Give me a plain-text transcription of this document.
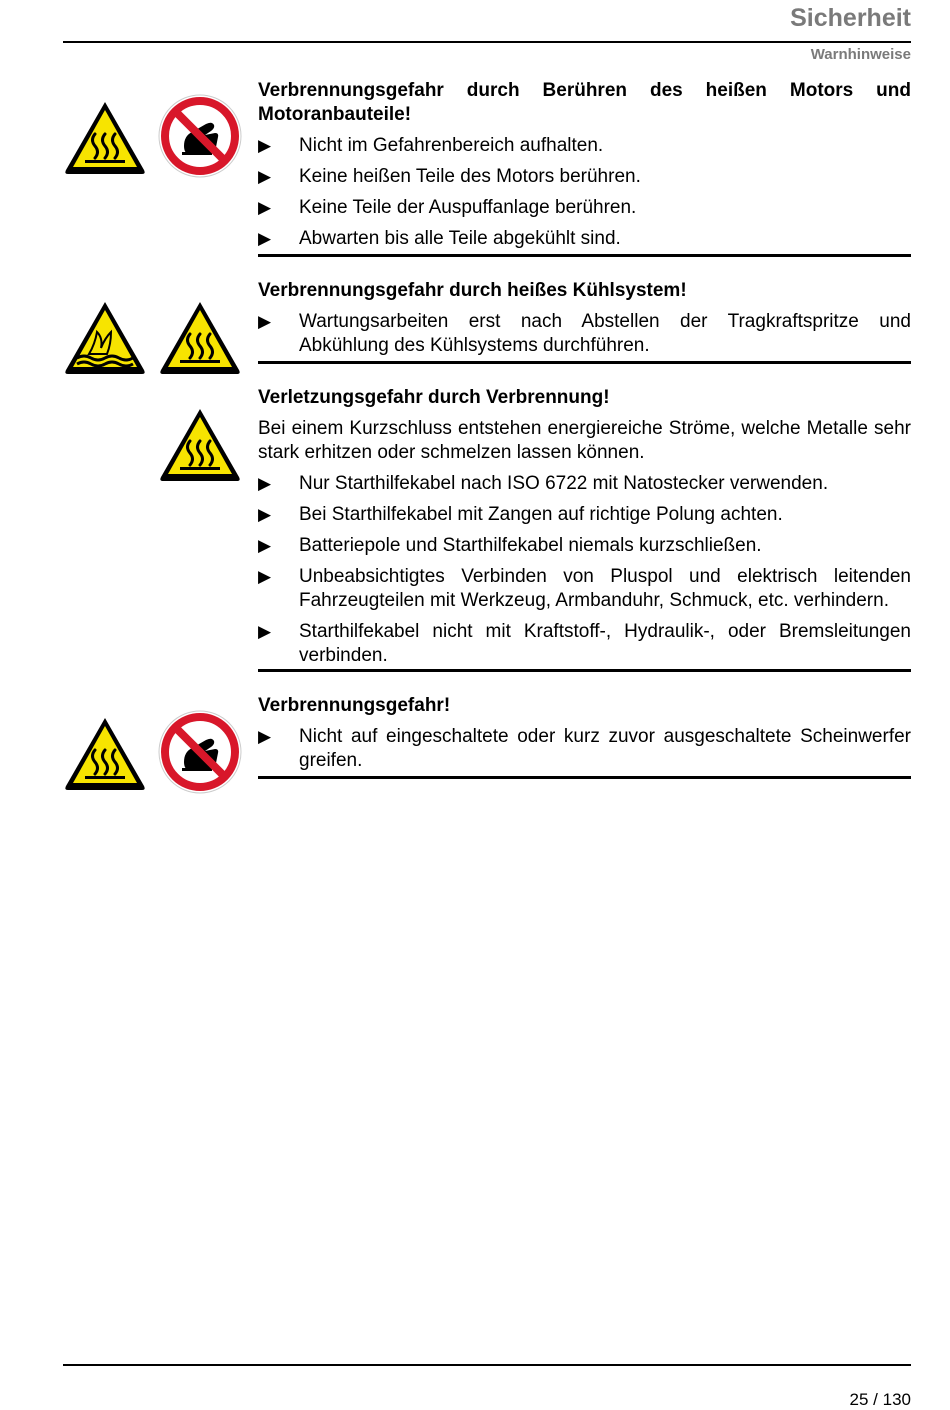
Sicherheit
Warnhinweise

Verbrennungsgefahr durch Berühren des heißen Motors und Motoranbauteile!

▶	Nicht im Gefahrenbereich aufhalten.
▶	Keine heißen Teile des Motors berühren.
▶	Keine Teile der Auspuffanlage berühren.
▶	Abwarten bis alle Teile abgekühlt sind.

Verbrennungsgefahr durch heißes Kühlsystem!

▶	Wartungsarbeiten erst nach Abstellen der Tragkraftspritze und Abkühlung des Kühlsystems durchführen.

Verletzungsgefahr durch Verbrennung!

Bei einem Kurzschluss entstehen energiereiche Ströme, welche Metalle sehr stark erhitzen oder schmelzen lassen können.

▶	Nur Starthilfekabel nach ISO 6722 mit Natostecker verwenden.
▶	Bei Starthilfekabel mit Zangen auf richtige Polung achten.
▶	Batteriepole und Starthilfekabel niemals kurzschließen.
▶	Unbeabsichtigtes Verbinden von Pluspol und elektrisch leitenden Fahrzeugteilen mit Werkzeug, Armbanduhr, Schmuck, etc. verhindern.
▶	Starthilfekabel nicht mit Kraftstoff-, Hydraulik-, oder Bremsleitungen verbinden.

Verbrennungsgefahr!

▶	Nicht auf eingeschaltete oder kurz zuvor ausgeschaltete Scheinwerfer greifen.
25 / 130
